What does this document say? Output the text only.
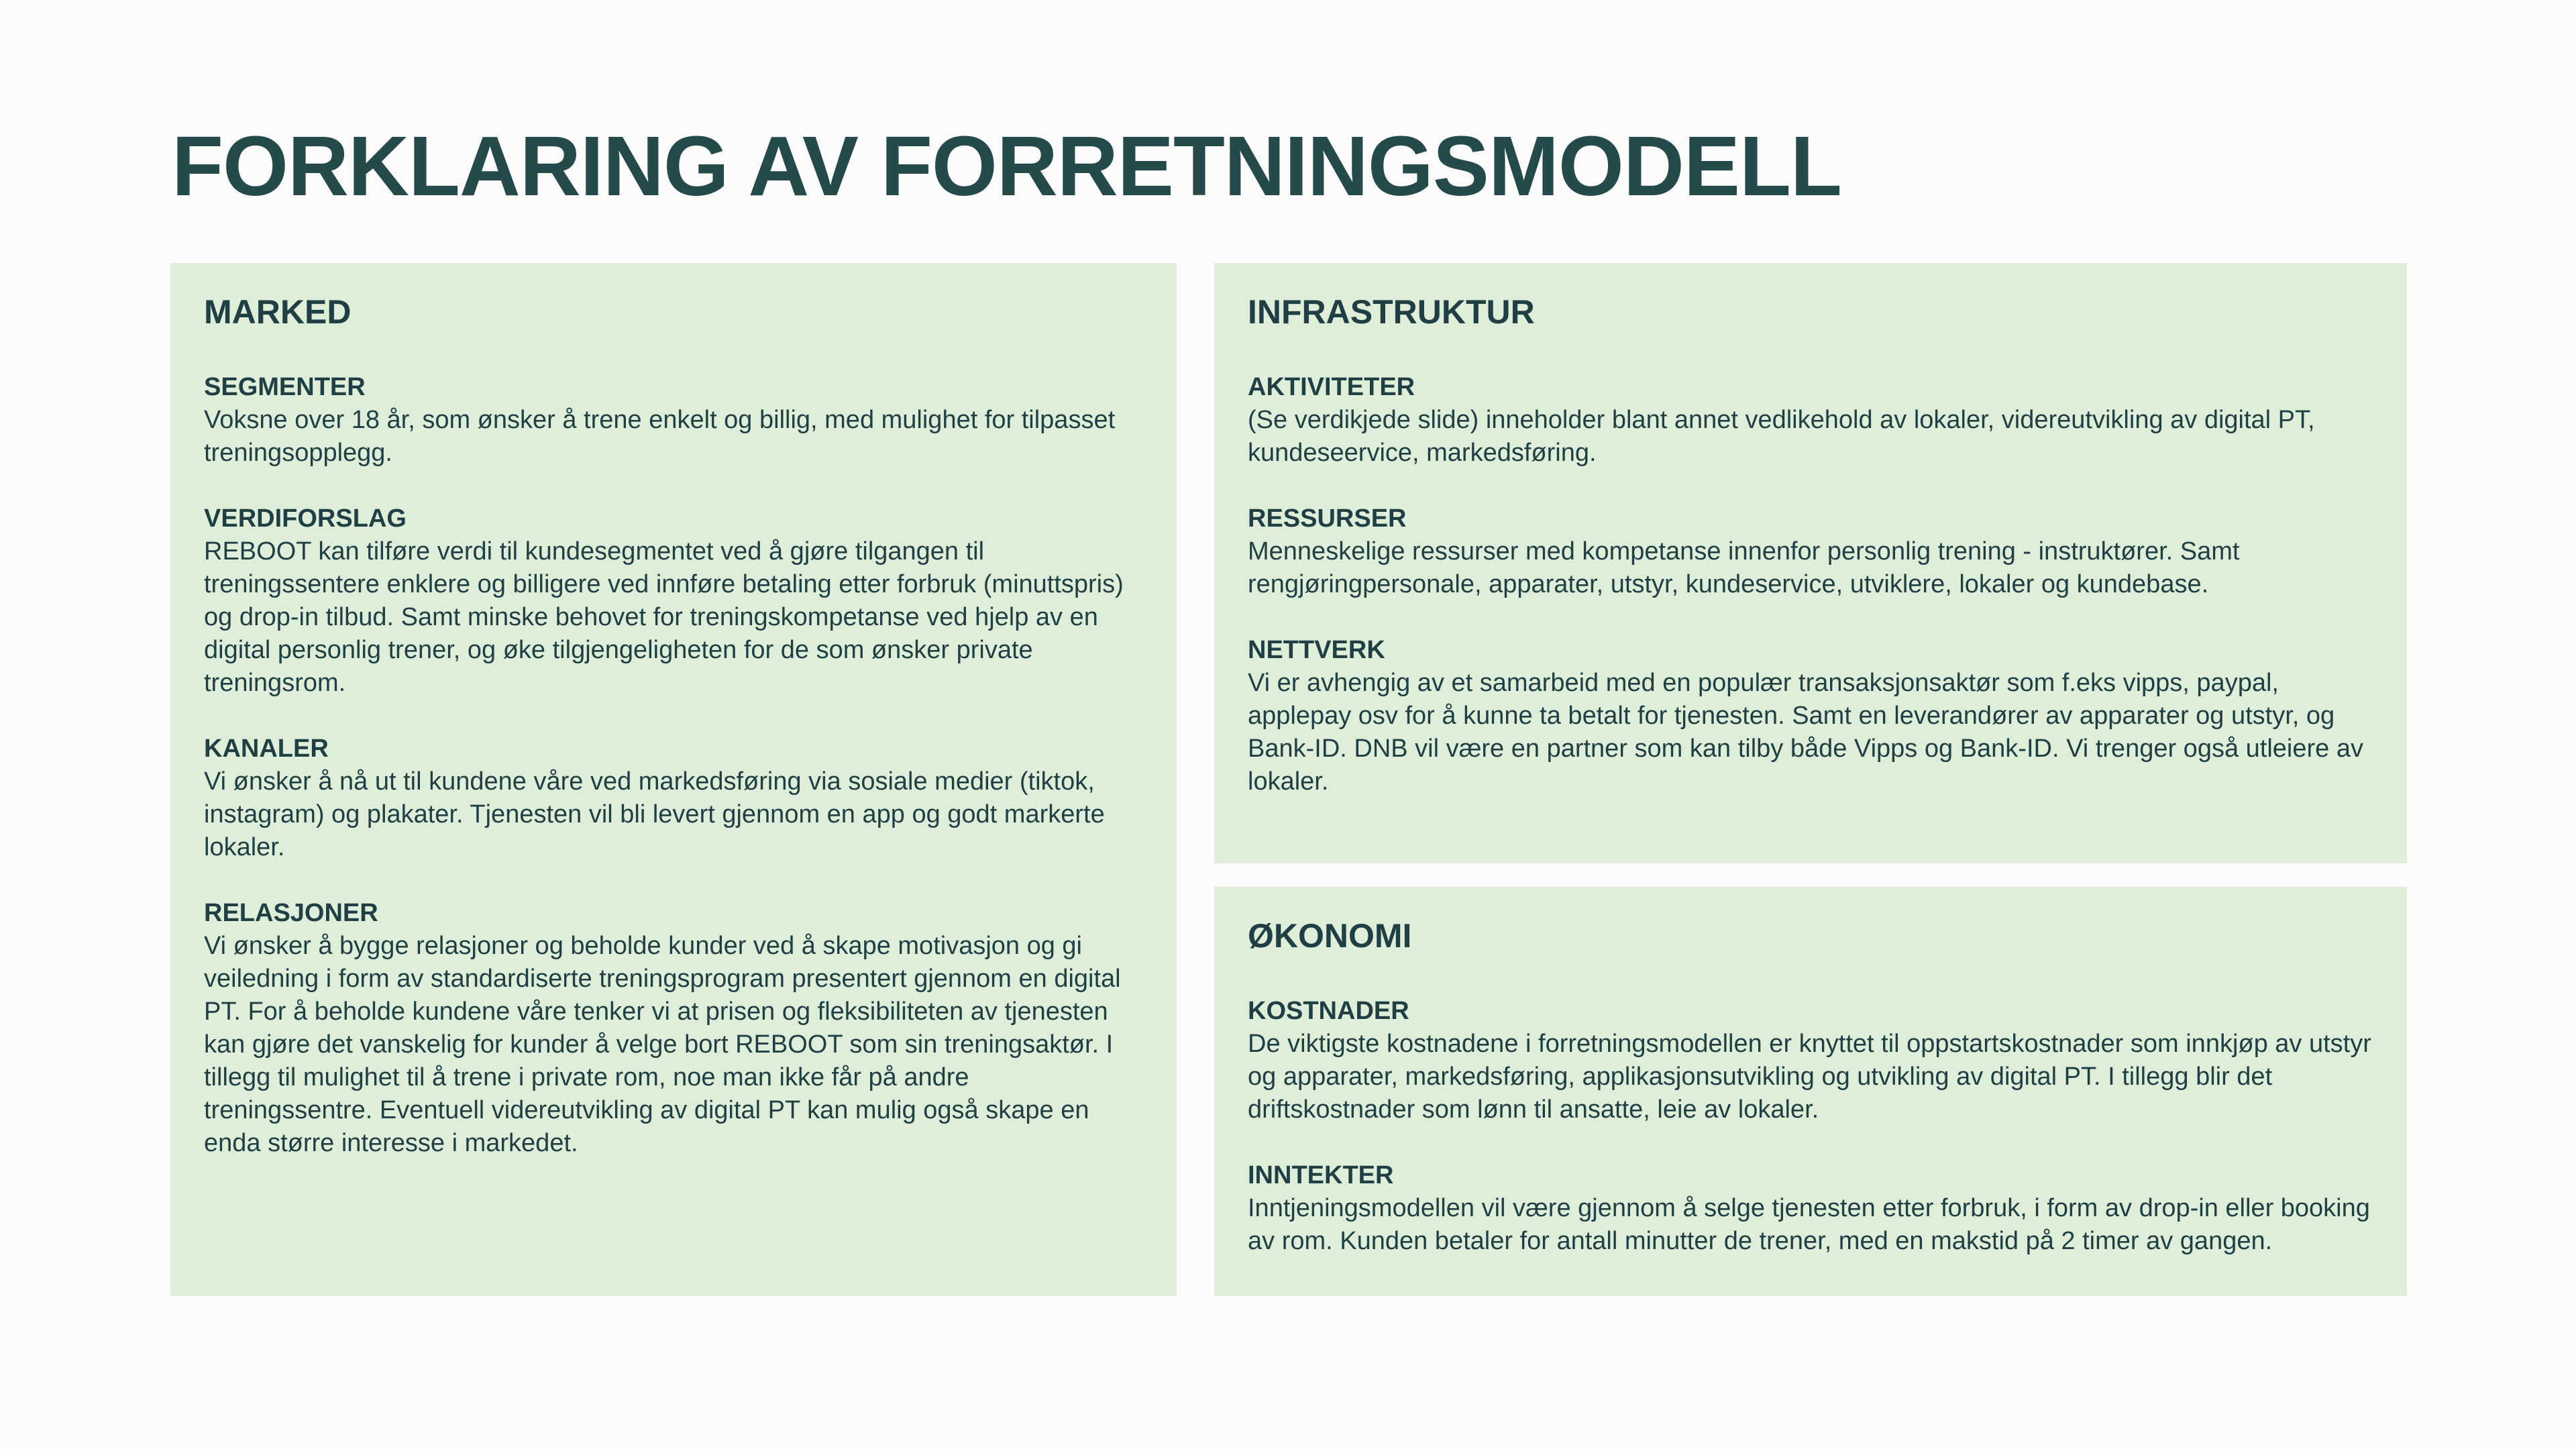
FORKLARING AV FORRETNINGSMODELL
MARKED
SEGMENTER
Voksne over 18 år, som ønsker å trene enkelt og billig, med mulighet for tilpasset treningsopplegg.
VERDIFORSLAG
REBOOT kan tilføre verdi til kundesegmentet ved å gjøre tilgangen til treningssentere enklere og billigere ved innføre betaling etter forbruk (minuttspris) og drop-in tilbud. Samt minske behovet for treningskompetanse ved hjelp av en digital personlig trener, og øke tilgjengeligheten for de som ønsker private treningsrom.
KANALER
Vi ønsker å nå ut til kundene våre ved markedsføring via sosiale medier (tiktok, instagram) og plakater. Tjenesten vil bli levert gjennom en app og godt markerte lokaler.
RELASJONER
Vi ønsker å bygge relasjoner og beholde kunder ved å skape motivasjon og gi veiledning i form av standardiserte treningsprogram presentert gjennom en digital PT. For å beholde kundene våre tenker vi at prisen og fleksibiliteten av tjenesten kan gjøre det vanskelig for kunder å velge bort REBOOT som sin treningsaktør. I tillegg til mulighet til å trene i private rom, noe man ikke får på andre treningssentre. Eventuell videreutvikling av digital PT kan mulig også skape en enda større interesse i markedet.
INFRASTRUKTUR
AKTIVITETER
(Se verdikjede slide) inneholder blant annet vedlikehold av lokaler, videreutvikling av digital PT, kundeseervice, markedsføring.
RESSURSER
Menneskelige ressurser med kompetanse innenfor personlig trening - instruktører. Samt rengjøringpersonale, apparater, utstyr, kundeservice, utviklere, lokaler og kundebase.
NETTVERK
Vi er avhengig av et samarbeid med en populær transaksjonsaktør som f.eks vipps, paypal, applepay osv for å kunne ta betalt for tjenesten. Samt en leverandører av apparater og utstyr, og Bank-ID. DNB vil være en partner som kan tilby både Vipps og Bank-ID. Vi trenger også utleiere av lokaler.
ØKONOMI
KOSTNADER
De viktigste kostnadene i forretningsmodellen er knyttet til oppstartskostnader som innkjøp av utstyr og apparater, markedsføring, applikasjonsutvikling og utvikling av digital PT. I tillegg blir det driftskostnader som lønn til ansatte, leie av lokaler.
INNTEKTER
Inntjeningsmodellen vil være gjennom å selge tjenesten etter forbruk, i form av drop-in eller booking av rom. Kunden betaler for antall minutter de trener, med en makstid på 2 timer av gangen.
